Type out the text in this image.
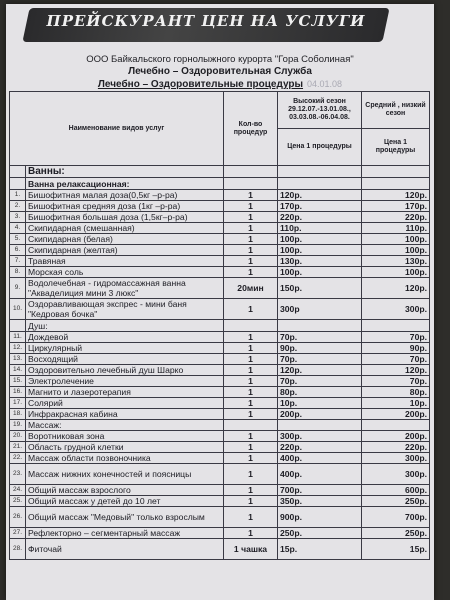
ПРЕЙСКУРАНТ ЦЕН НА УСЛУГИ
ООО Байкальского горнолыжного курорта "Гора Соболиная"
Лечебно – Оздоровительная Служба
Лечебно – Оздоровительные процедуры 04.01.08
Наименование видов услуг		Кол-во процедур	Высокий сезон 29.12.07.-13.01.08., 03.03.08.-06.04.08.	Средний , низкий сезон
			Цена 1 процедуры	Цена 1 процедуры
	Ванны:			
	Ванна релаксационная:			
1.	Бишофитная малая доза(0,5кг –р-ра)	1	120р.	120р.
2.	Бишофитная средняя доза (1кг –р-ра)	1	170р.	170р.
3.	Бишофитная большая доза (1,5кг–р-ра)	1	220р.	220р.
4.	Скипидарная (смешанная)	1	110р.	110р.
5.	Скипидарная (белая)	1	100р.	100р.
6.	Скипидарная (желтая)	1	100р.	100р.
7.	Травяная	1	130р.	130р.
8.	Морская соль	1	100р.	100р.
9.	Водолечебная - гидромассажная ванна "Акваделиция мини 3 люкс"	20мин	150р.	120р.
10.	Оздоравливающая экспрес - мини баня "Кедровая бочка"	1	300р	300р.
	Душ:			
11.	Дождевой	1	70р.	70р.
12.	Циркулярный	1	90р.	90р.
13.	Восходящий	1	70р.	70р.
14.	Оздоровительно лечебный душ Шарко	1	120р.	120р.
15.	Электролечение	1	70р.	70р.
16.	Магнито и лазеротерапия	1	80р.	80р.
17.	Солярий	1	10р.	10р.
18.	Инфракрасная кабина	1	200р.	200р.
19.	Массаж:			
20.	Воротниковая зона	1	300р.	200р.
21.	Область грудной клетки	1	220р.	220р.
22.	Массаж области позвоночника	1	400р.	300р.
23.	Массаж нижних конечностей и поясницы	1	400р.	300р.
24.	Общий массаж взрослого	1	700р.	600р.
25.	Общий массаж у детей до 10 лет	1	350р.	250р.
26.	Общий массаж "Медовый" только взрослым	1	900р.	700р.
27.	Рефлекторно – сегментарный массаж	1	250р.	250р.
28.	Фиточай	1 чашка	15р.	15р.
